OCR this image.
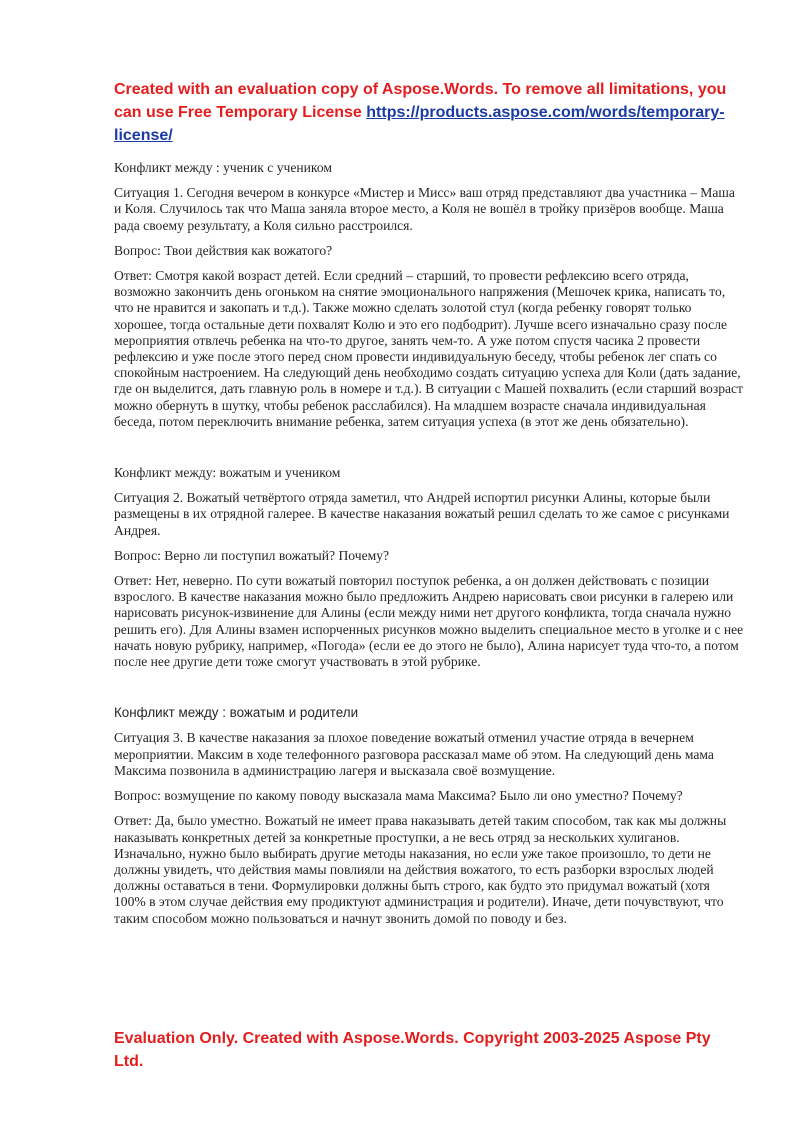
Created with an evaluation copy of Aspose.Words. To remove all limitations, you can use Free Temporary License https://products.aspose.com/words/temporary-license/

Конфликт между : ученик с учеником

Ситуация 1. Сегодня вечером в конкурсе «Мистер и Мисс» ваш отряд представляют два участника – Маша и Коля. Случилось так что Маша заняла второе место, а Коля не вошёл в тройку призёров вообще. Маша рада своему результату, а Коля сильно расстроился.

Вопрос: Твои действия как вожатого?

Ответ: Смотря какой возраст детей. Если средний – старший, то провести рефлексию всего отряда, возможно закончить день огоньком на снятие эмоционального напряжения (Мешочек крика, написать то, что не нравится и закопать и т.д.). Также можно сделать золотой стул (когда ребенку говорят только хорошее, тогда остальные дети похвалят Колю и это его подбодрит). Лучше всего изначально сразу после мероприятия отвлечь ребенка на что-то другое, занять чем-то. А уже потом спустя часика 2 провести рефлексию и уже после этого перед сном провести индивидуальную беседу, чтобы ребенок лег спать со спокойным настроением. На следующий день необходимо создать ситуацию успеха для Коли (дать задание, где он выделится, дать главную роль в номере и т.д.). В ситуации с Машей похвалить (если старший возраст можно обернуть в шутку, чтобы ребенок расслабился). На младшем возрасте сначала индивидуальная беседа, потом переключить внимание ребенка, затем ситуация успеха (в этот же день обязательно).

Конфликт между: вожатым и учеником

Ситуация 2. Вожатый четвёртого отряда заметил, что Андрей испортил рисунки Алины, которые были размещены в их отрядной галерее. В качестве наказания вожатый решил сделать то же самое с рисунками Андрея.

Вопрос: Верно ли поступил вожатый? Почему?

Ответ: Нет, неверно. По сути вожатый повторил поступок ребенка, а он должен действовать с позиции взрослого. В качестве наказания можно было предложить Андрею нарисовать свои рисунки в галерею или нарисовать рисунок-извинение для Алины (если между ними нет другого конфликта, тогда сначала нужно решить его). Для Алины взамен испорченных рисунков можно выделить специальное место в уголке и с нее начать новую рубрику, например, «Погода» (если ее до этого не было), Алина нарисует туда что-то, а потом после нее другие дети тоже смогут участвовать в этой рубрике.

Конфликт между : вожатым и родители

Ситуация 3. В качестве наказания за плохое поведение вожатый отменил участие отряда в вечернем мероприятии. Максим в ходе телефонного разговора рассказал маме об этом. На следующий день мама Максима позвонила в администрацию лагеря и высказала своё возмущение.

Вопрос: возмущение по какому поводу высказала мама Максима? Было ли оно уместно? Почему?

Ответ: Да, было уместно. Вожатый не имеет права наказывать детей таким способом, так как мы должны наказывать конкретных детей за конкретные проступки, а не весь отряд за нескольких хулиганов. Изначально, нужно было выбирать другие методы наказания, но если уже такое произошло, то дети не должны увидеть, что действия мамы повлияли на действия вожатого, то есть разборки взрослых людей должны оставаться в тени. Формулировки должны быть строго, как будто это придумал вожатый (хотя 100% в этом случае действия ему продиктуют администрация и родители). Иначе, дети почувствуют, что таким способом можно пользоваться и начнут звонить домой по поводу и без.

Evaluation Only. Created with Aspose.Words. Copyright 2003-2025 Aspose Pty Ltd.
